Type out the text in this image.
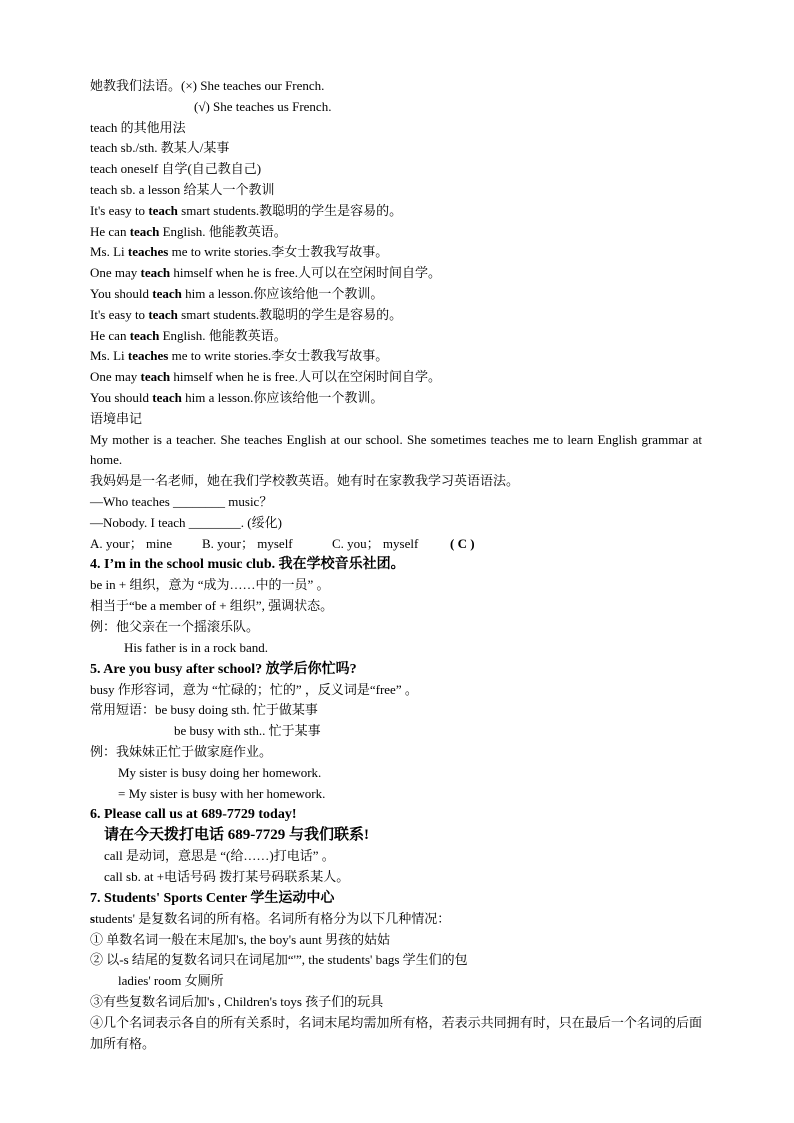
她教我们法语。(×) She teaches our French.
(√) She teaches us French.
teach 的其他用法
teach sb./sth. 教某人/某事
teach oneself 自学(自己教自己)
teach sb. a lesson 给某人一个教训
It's easy to teach smart students.教聪明的学生是容易的。
He can teach English. 他能教英语。
Ms. Li teaches me to write stories.李女士教我写故事。
One may teach himself when he is free.人可以在空闲时间自学。
You should teach him a lesson.你应该给他一个教训。
It's easy to teach smart students.教聪明的学生是容易的。
He can teach English. 他能教英语。
Ms. Li teaches me to write stories.李女士教我写故事。
One may teach himself when he is free.人可以在空闲时间自学。
You should teach him a lesson.你应该给他一个教训。
语境串记
My mother is a teacher. She teaches English at our school. She sometimes teaches me to learn English grammar at home.
我妈妈是一名老师，她在我们学校教英语。她有时在家教我学习英语语法。
—Who teaches ________ music？
—Nobody. I teach ________. (绥化)
A. your； mine B. your； myself	C. you； myself ( C )
4. I’m in the school music club. 我在学校音乐社团。
be in + 组织，意为 “成为……中的一员” 。
相当于“be a member of + 组织”, 强调状态。
例：他父亲在一个摇滚乐队。
His father is in a rock band.
5. Are you busy after school? 放学后你忙吗?
busy 作形容词，意为 “忙碌的；忙的” ，反义词是“free” 。
常用短语：be busy doing sth. 忙于做某事
be busy with sth.. 忙于某事
例：我妹妹正忙于做家庭作业。
My sister is busy doing her homework.
= My sister is busy with her homework.
6. Please call us at 689-7729 today!
请在今天拨打电话 689-7729 与我们联系!
call 是动词，意思是 “(给……)打电话” 。
call sb. at +电话号码 拨打某号码联系某人。
7. Students' Sports Center 学生运动中心
students' 是复数名词的所有格。名词所有格分为以下几种情况：
① 单数名词一般在末尾加's, the boy's aunt 男孩的姑姑
② 以-s 结尾的复数名词只在词尾加“'”, the students' bags 学生们的包
ladies' room 女厕所
③有些复数名词后加's , Children's toys 孩子们的玩具
④几个名词表示各自的所有关系时，名词末尾均需加所有格，若表示共同拥有时，只在最后一个名词的后面加所有格。
